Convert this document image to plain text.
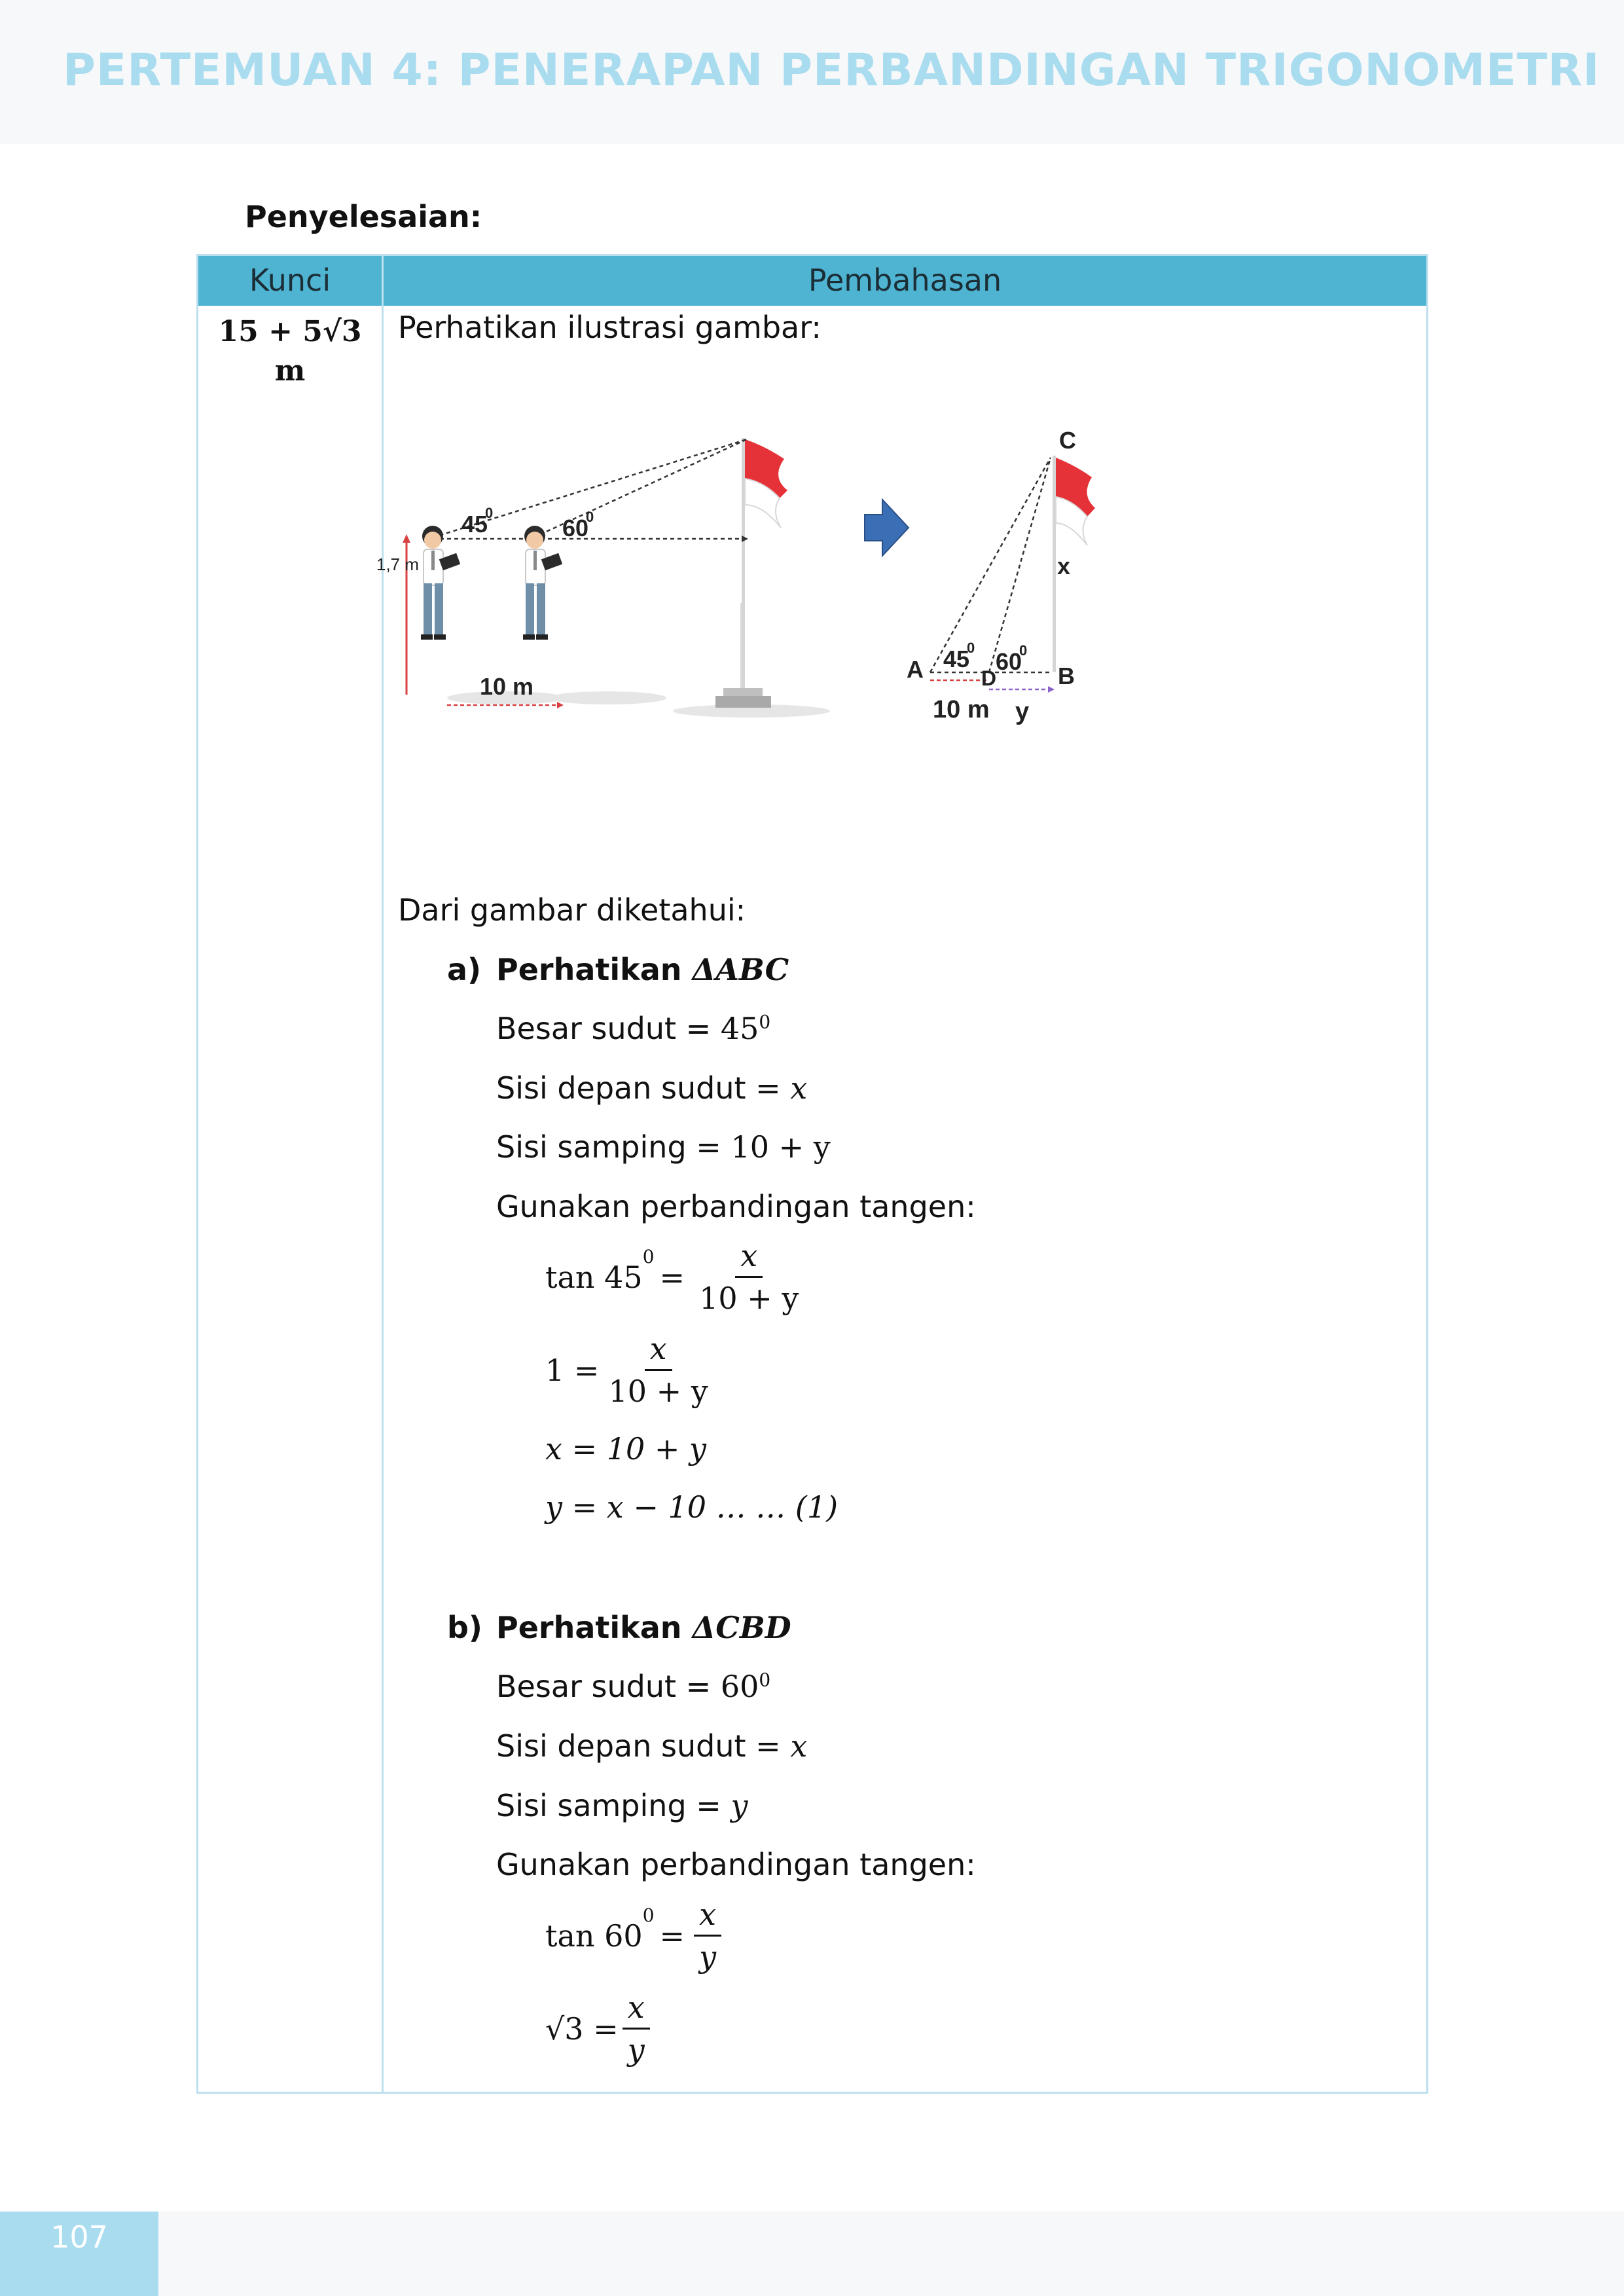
PERTEMUAN 4: PENERAPAN PERBANDINGAN TRIGONOMETRI
Penyelesaian:
Kunci	Pembahasan
15 + 5√3
m
Perhatikan ilustrasi gambar:
1,7 m
45
0
60
0
10 m
C
x
A	B
D
45
0
60
0
10 m y
Dari gambar diketahui:
a) Perhatikan ΔABC
Besar sudut = $45^0$
Sisi depan sudut = x
Sisi samping = 10 + y
Gunakan perbandingan tangen:
tan 45
$^0$
= $\frac{x}{10 + y}$
$1 = \frac{x}{10 + y}$
x = 10 + y
y = x − 10 … … (1)
b) Perhatikan ΔCBD
Besar sudut = $60^0$
Sisi depan sudut = x
Sisi samping = y
Gunakan perbandingan tangen:
tan 60
$^0$
= $\frac{x}{y}$
$√3 = \frac{x}{y}$
107
